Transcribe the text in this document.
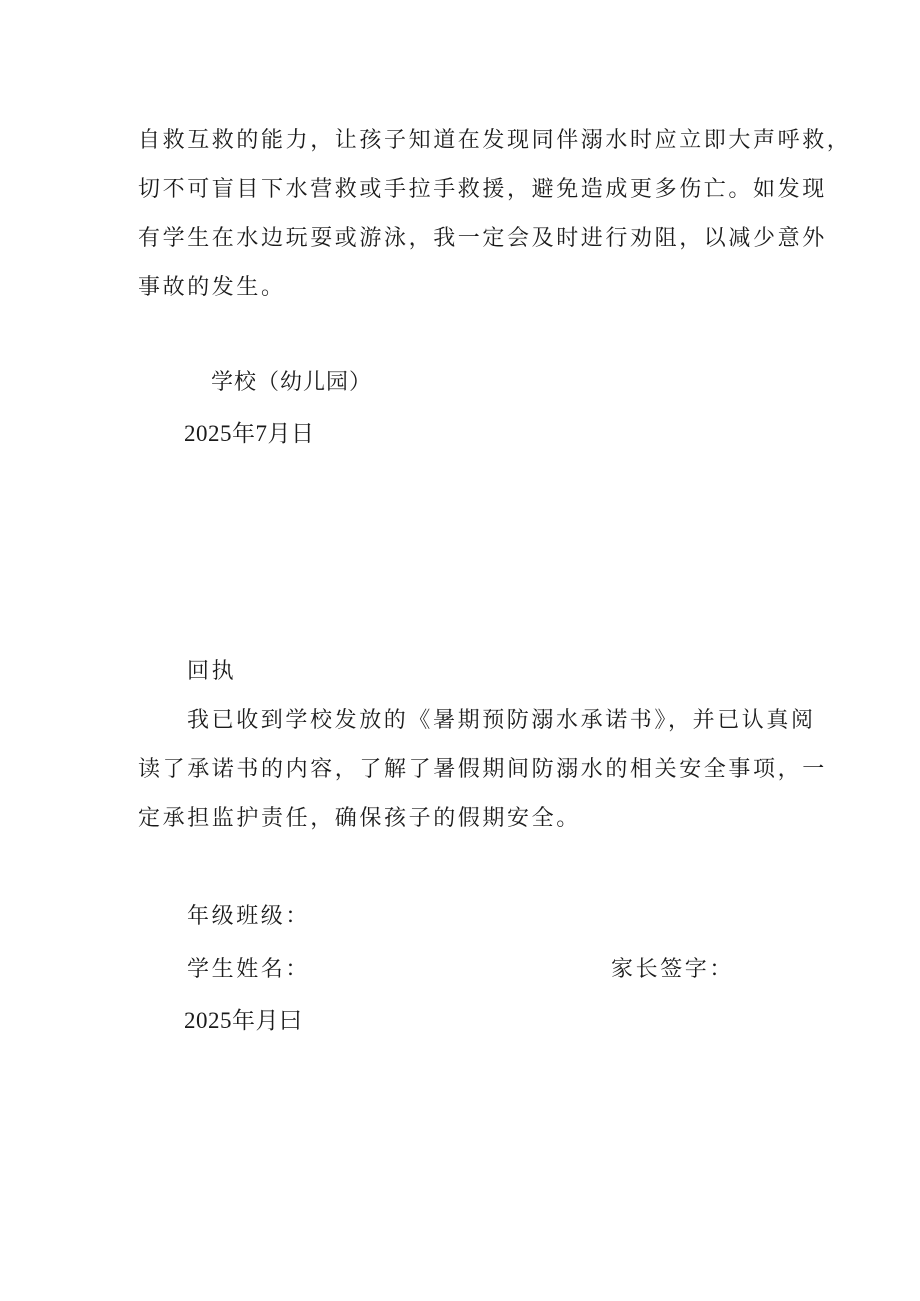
自救互救的能力，让孩子知道在发现同伴溺水时应立即大声呼救，
切不可盲目下水营救或手拉手救援，避免造成更多伤亡。如发现
有学生在水边玩耍或游泳，我一定会及时进行劝阻，以减少意外
事故的发生。
学校（幼儿园）
2025年7月日
回执
我已收到学校发放的《暑期预防溺水承诺书》，并已认真阅
读了承诺书的内容，了解了暑假期间防溺水的相关安全事项，一
定承担监护责任，确保孩子的假期安全。
年级班级：
学生姓名：	家长签字：
2025年月曰
